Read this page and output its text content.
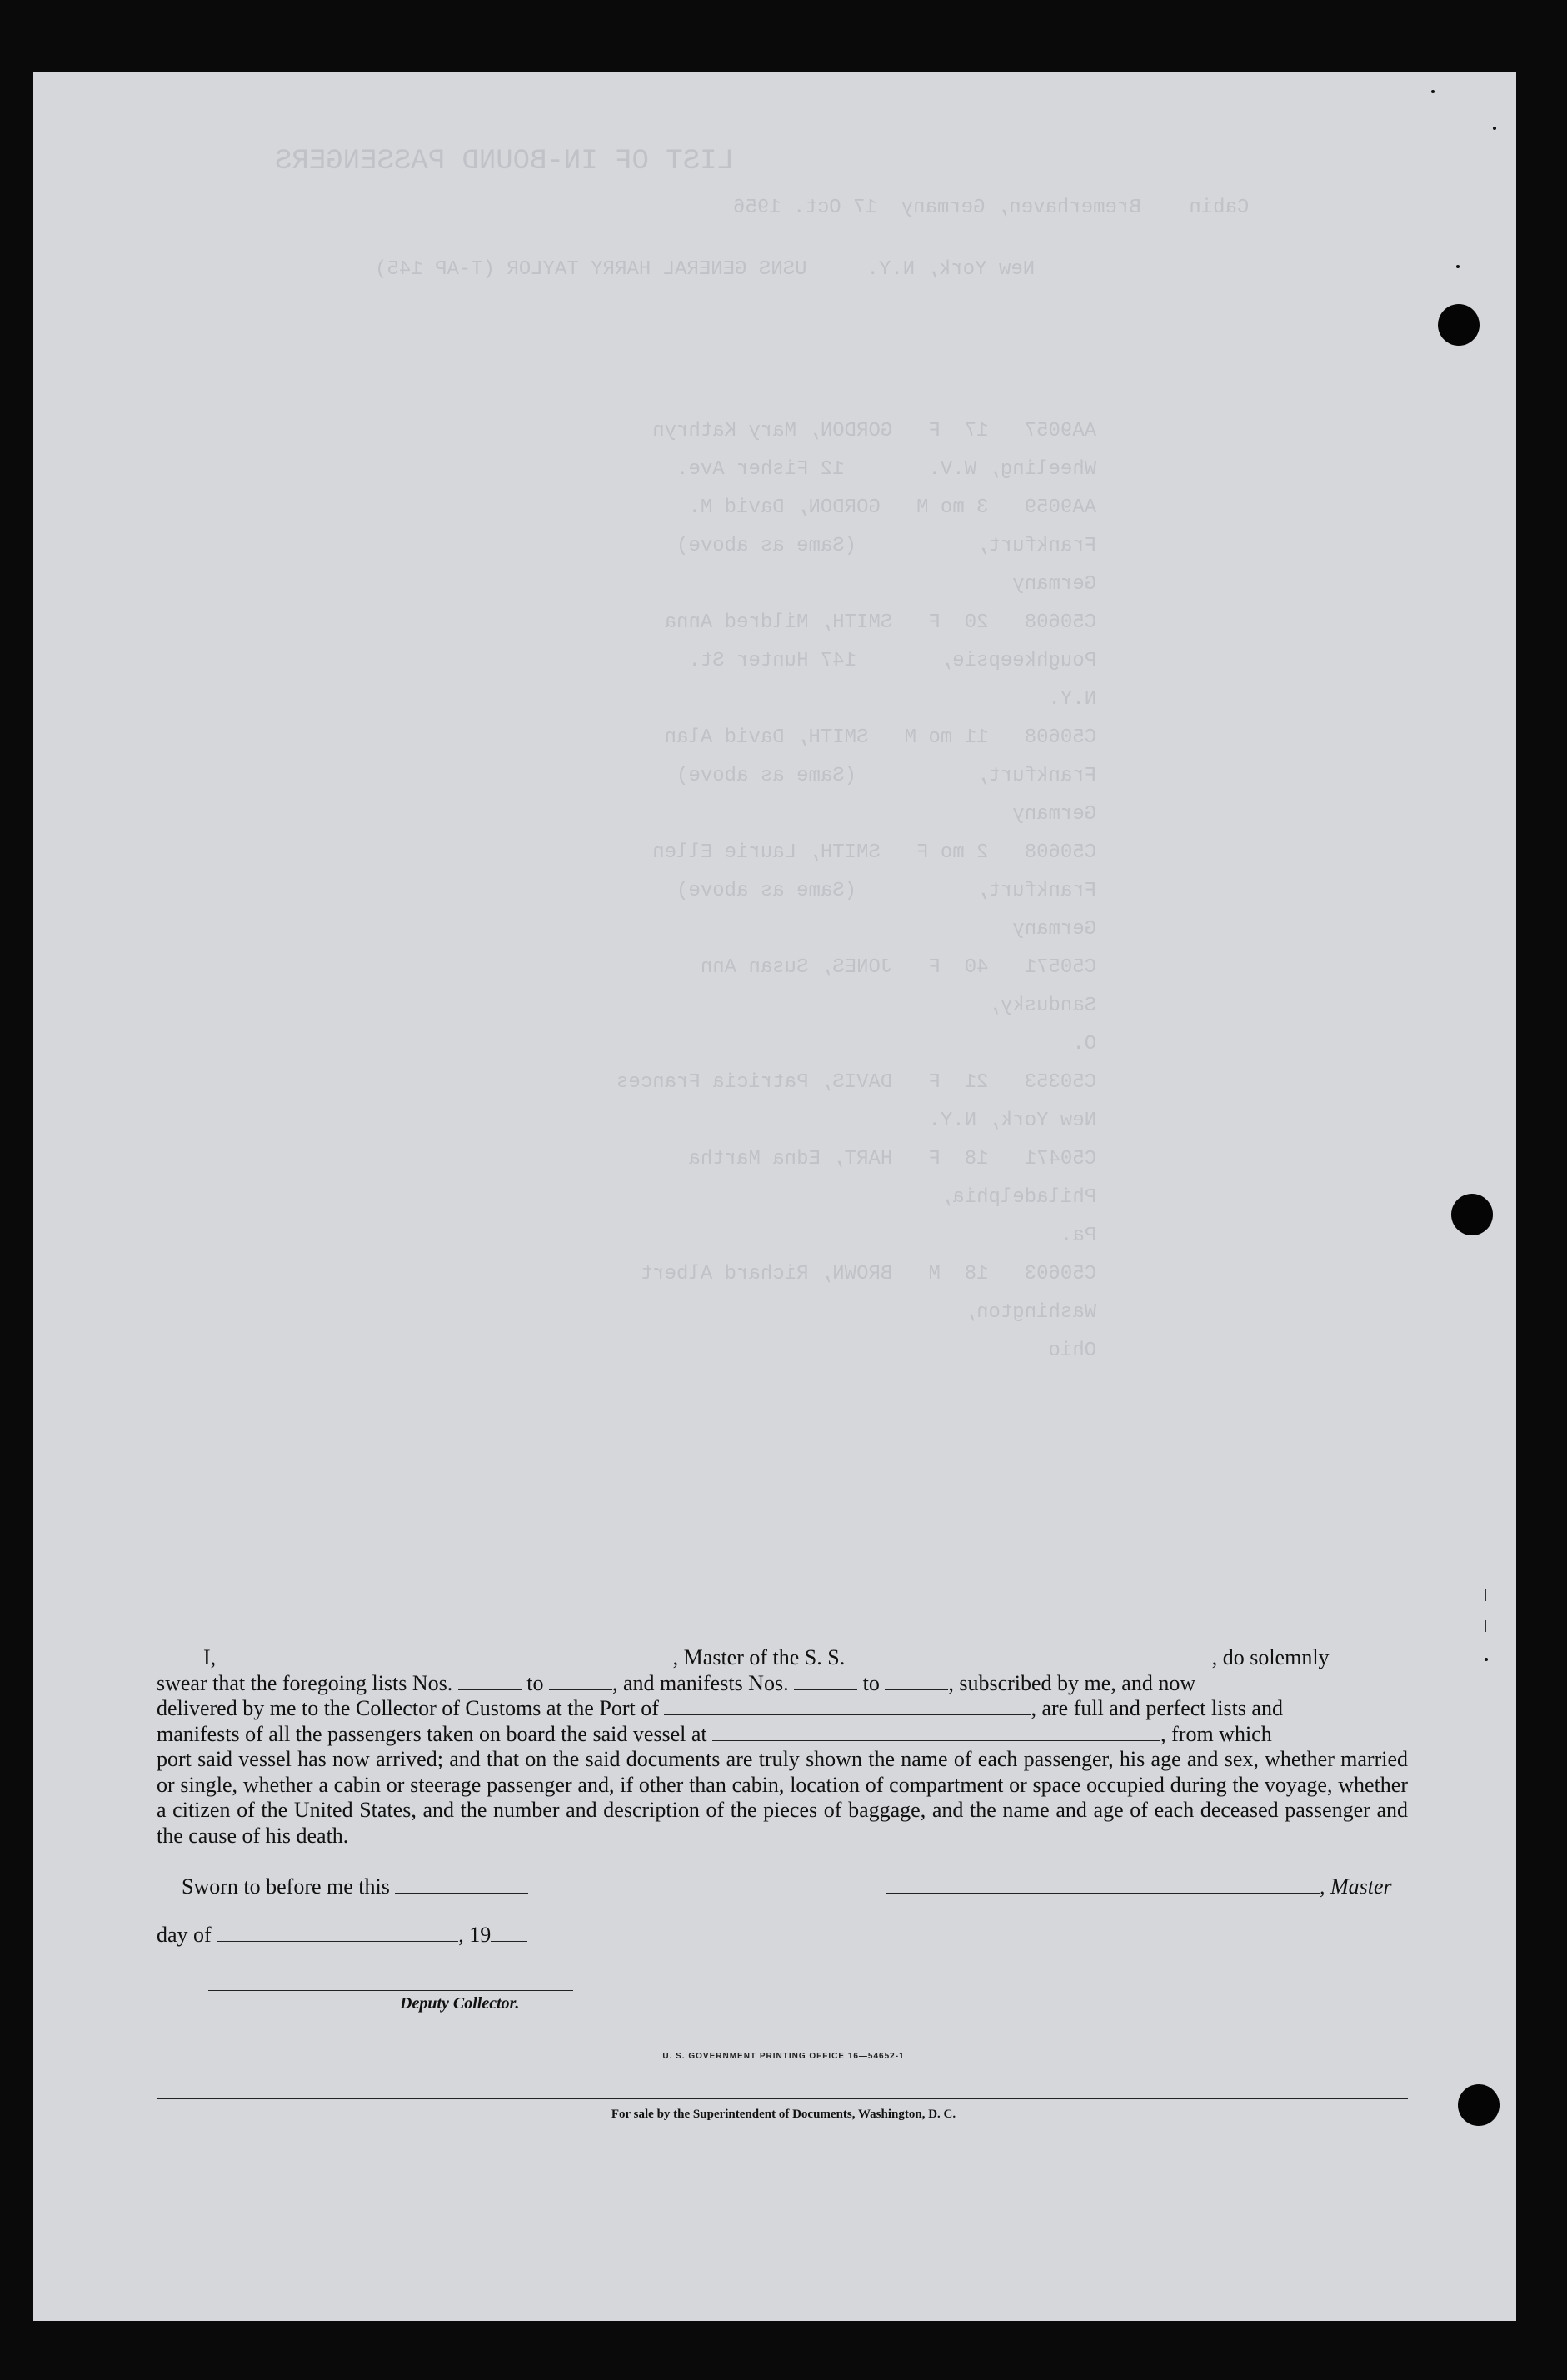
LIST OF IN-BOUND PASSENGERS
Cabin    Bremerhaven, Germany  17 Oct. 1956
New York, N.Y.     USNS GENERAL HARRY TAYLOR (T-AP 145)
AA9057   17  F   GORDON, Mary Kathryn
Wheeling, W.V.       12 Fisher Ave.
AA9059   3 mo M   GORDON, David M.
Frankfurt,          (Same as above)
Germany
C50608   20  F   SMITH, Mildred Anna
Poughkeepsie,       147 Hunter St.
N.Y.
C50608   11 mo M   SMITH, David Alan
Frankfurt,          (Same as above)
Germany
C50608   2 mo F   SMITH, Laurie Ellen
Frankfurt,          (Same as above)
Germany
C50571   40  F   JONES, Susan Ann
Sandusky,
O.
C50353   21  F   DAVIS, Patricia Frances
New York, N.Y.
C50471   18  F   HART, Edna Martha
Philadelphia,
Pa.
C50603   18  M   BROWN, Richard Albert
Washington,
Ohio

I,	, Master of the S. S.	, do solemnly

swear that the foregoing lists Nos.	to	, and manifests Nos.	to	, subscribed by me, and now

delivered by me to the Collector of Customs at the Port of	, are full and perfect lists and

manifests of all the passengers taken on board the said vessel at	, from which

port said vessel has now arrived; and that on the said documents are truly shown the name of each passenger, his age and sex, whether married or single, whether a cabin or steerage passenger and, if other than cabin, location of compartment or space occupied during the voyage, whether a citizen of the United States, and the number and description of the pieces of baggage, and the name and age of each deceased passenger and the cause of his death.

Sworn to before me this	, Master
day of	, 19
Deputy Collector.
U. S. GOVERNMENT PRINTING OFFICE 16—54652-1
For sale by the Superintendent of Documents, Washington, D. C.
